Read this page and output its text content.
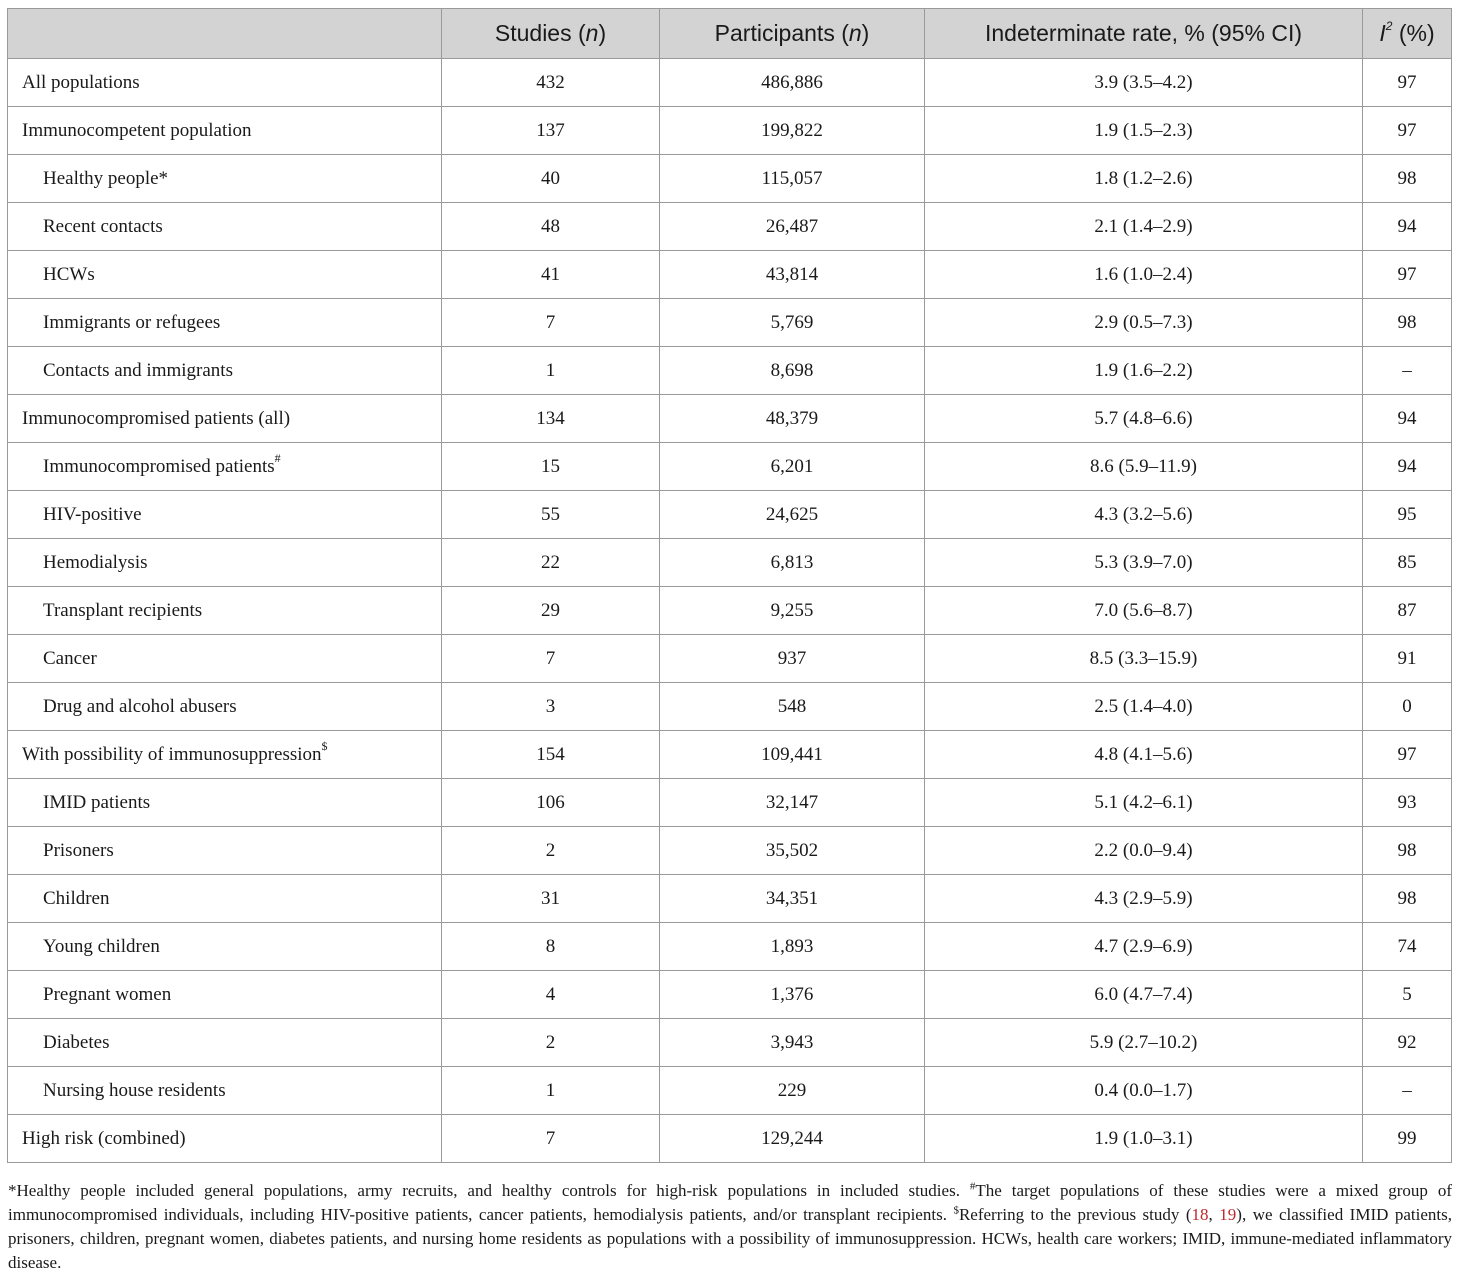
	Studies (n)	Participants (n)	Indeterminate rate, % (95% CI)	$I^2$ (%)
All populations	432	486,886	3.9 (3.5–4.2)	97
Immunocompetent population	137	199,822	1.9 (1.5–2.3)	97
Healthy people*	40	115,057	1.8 (1.2–2.6)	98
Recent contacts	48	26,487	2.1 (1.4–2.9)	94
HCWs	41	43,814	1.6 (1.0–2.4)	97
Immigrants or refugees	7	5,769	2.9 (0.5–7.3)	98
Contacts and immigrants	1	8,698	1.9 (1.6–2.2)	–
Immunocompromised patients (all)	134	48,379	5.7 (4.8–6.6)	94
Immunocompromised patients#	15	6,201	8.6 (5.9–11.9)	94
HIV-positive	55	24,625	4.3 (3.2–5.6)	95
Hemodialysis	22	6,813	5.3 (3.9–7.0)	85
Transplant recipients	29	9,255	7.0 (5.6–8.7)	87
Cancer	7	937	8.5 (3.3–15.9)	91
Drug and alcohol abusers	3	548	2.5 (1.4–4.0)	0
With possibility of immunosuppression$	154	109,441	4.8 (4.1–5.6)	97
IMID patients	106	32,147	5.1 (4.2–6.1)	93
Prisoners	2	35,502	2.2 (0.0–9.4)	98
Children	31	34,351	4.3 (2.9–5.9)	98
Young children	8	1,893	4.7 (2.9–6.9)	74
Pregnant women	4	1,376	6.0 (4.7–7.4)	5
Diabetes	2	3,943	5.9 (2.7–10.2)	92
Nursing house residents	1	229	0.4 (0.0–1.7)	–
High risk (combined)	7	129,244	1.9 (1.0–3.1)	99

*Healthy people included general populations, army recruits, and healthy controls for high-risk populations in included studies. #The target populations of these studies were a mixed group of immunocompromised individuals, including HIV-positive patients, cancer patients, hemodialysis patients, and/or transplant recipients. $Referring to the previous study (18, 19), we classified IMID patients, prisoners, children, pregnant women, diabetes patients, and nursing home residents as populations with a possibility of immunosuppression. HCWs, health care workers; IMID, immune-mediated inflammatory disease.
